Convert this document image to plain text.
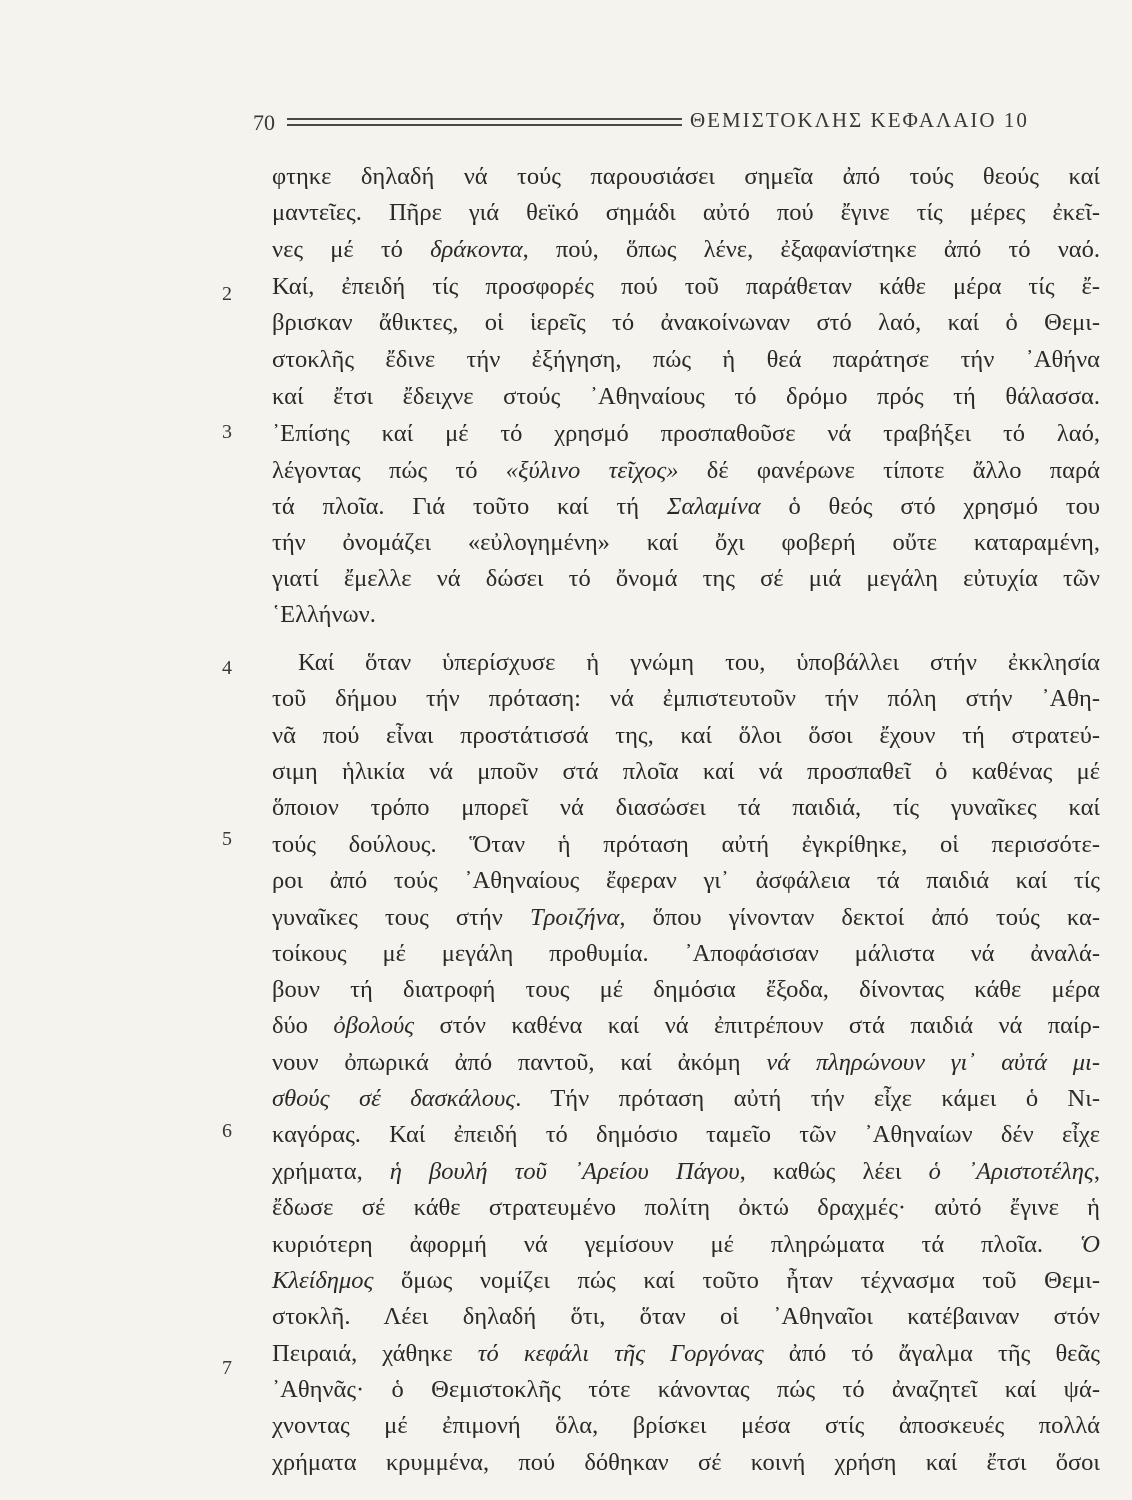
70	ΘΕΜΙΣΤΟΚΛΗΣ ΚΕΦΑΛΑΙΟ 10
2
3
4
5
6
7
φτηκε δηλαδή νά τούς παρουσιάσει σημεῖα ἀπό τούς θεούς καί
μαντεῖες. Πῆρε γιά θεϊκό σημάδι αὐτό πού ἔγινε τίς μέρες ἐκεῖ-
νες μέ τό δράκοντα, πού, ὅπως λένε, ἐξαφανίστηκε ἀπό τό ναό.
Καί, ἐπειδή τίς προσφορές πού τοῦ παράθεταν κάθε μέρα τίς ἔ-
βρισκαν ἄθικτες, οἱ ἱερεῖς τό ἀνακοίνωναν στό λαό, καί ὁ Θεμι-
στοκλῆς ἔδινε τήν ἐξήγηση, πώς ἡ θεά παράτησε τήν ᾿Αθήνα
καί ἔτσι ἔδειχνε στούς ᾿Αθηναίους τό δρόμο πρός τή θάλασσα.
᾿Επίσης καί μέ τό χρησμό προσπαθοῦσε νά τραβήξει τό λαό,
λέγοντας πώς τό «ξύλινο τεῖχος» δέ φανέρωνε τίποτε ἄλλο παρά
τά πλοῖα. Γιά τοῦτο καί τή Σαλαμίνα ὁ θεός στό χρησμό του
τήν ὀνομάζει «εὐλογημένη» καί ὄχι φοβερή οὔτε καταραμένη,
γιατί ἔμελλε νά δώσει τό ὄνομά της σέ μιά μεγάλη εὐτυχία τῶν
῾Ελλήνων.
Καί ὅταν ὑπερίσχυσε ἡ γνώμη του, ὑποβάλλει στήν ἐκκλησία
τοῦ δήμου τήν πρόταση: νά ἐμπιστευτοῦν τήν πόλη στήν ᾿Αθη-
νᾶ πού εἶναι προστάτισσά της, καί ὅλοι ὅσοι ἔχουν τή στρατεύ-
σιμη ἡλικία νά μποῦν στά πλοῖα καί νά προσπαθεῖ ὁ καθένας μέ
ὅποιον τρόπο μπορεῖ νά διασώσει τά παιδιά, τίς γυναῖκες καί
τούς δούλους. Ὅταν ἡ πρόταση αὐτή ἐγκρίθηκε, οἱ περισσότε-
ροι ἀπό τούς ᾿Αθηναίους ἔφεραν γι᾿ ἀσφάλεια τά παιδιά καί τίς
γυναῖκες τους στήν Τροιζήνα, ὅπου γίνονταν δεκτοί ἀπό τούς κα-
τοίκους μέ μεγάλη προθυμία. ᾿Αποφάσισαν μάλιστα νά ἀναλά-
βουν τή διατροφή τους μέ δημόσια ἔξοδα, δίνοντας κάθε μέρα
δύο ὀβολούς στόν καθένα καί νά ἐπιτρέπουν στά παιδιά νά παίρ-
νουν ὀπωρικά ἀπό παντοῦ, καί ἀκόμη νά πληρώνουν γι᾿ αὐτά μι-
σθούς σέ δασκάλους. Τήν πρόταση αὐτή τήν εἶχε κάμει ὁ Νι-
καγόρας. Καί ἐπειδή τό δημόσιο ταμεῖο τῶν ᾿Αθηναίων δέν εἶχε
χρήματα, ἡ βουλή τοῦ ᾿Αρείου Πάγου, καθώς λέει ὁ ᾿Αριστοτέλης,
ἔδωσε σέ κάθε στρατευμένο πολίτη ὀκτώ δραχμές· αὐτό ἔγινε ἡ
κυριότερη ἀφορμή νά γεμίσουν μέ πληρώματα τά πλοῖα. Ὁ
Κλείδημος ὅμως νομίζει πώς καί τοῦτο ἦταν τέχνασμα τοῦ Θεμι-
στοκλῆ. Λέει δηλαδή ὅτι, ὅταν οἱ ᾿Αθηναῖοι κατέβαιναν στόν
Πειραιά, χάθηκε τό κεφάλι τῆς Γοργόνας ἀπό τό ἄγαλμα τῆς θεᾶς
᾿Αθηνᾶς· ὁ Θεμιστοκλῆς τότε κάνοντας πώς τό ἀναζητεῖ καί ψά-
χνοντας μέ ἐπιμονή ὅλα, βρίσκει μέσα στίς ἀποσκευές πολλά
χρήματα κρυμμένα, πού δόθηκαν σέ κοινή χρήση καί ἔτσι ὅσοι
